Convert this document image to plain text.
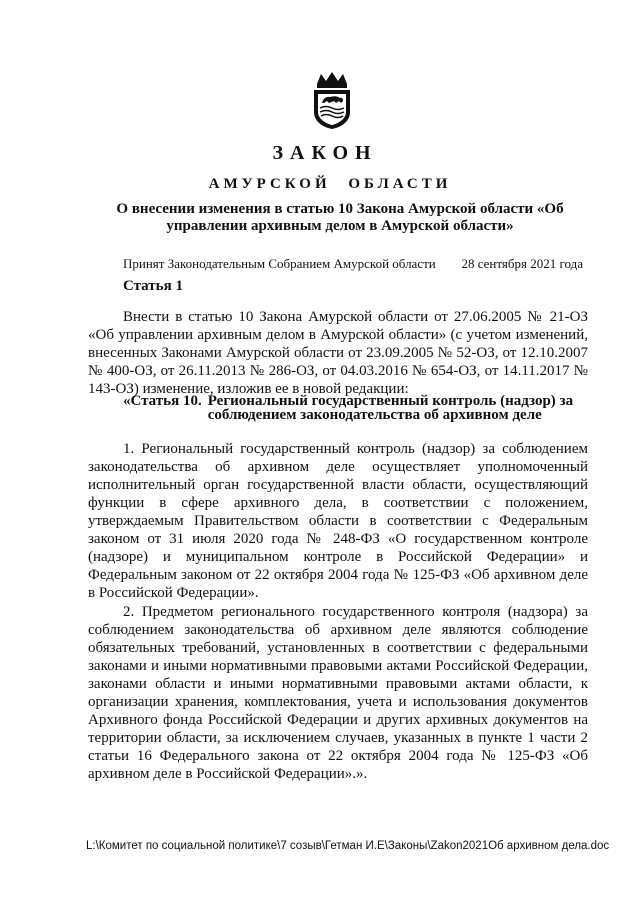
ЗАКОН
АМУРСКОЙ ОБЛАСТИ
О внесении изменения в статью 10 Закона Амурской области «Об управлении архивным делом в Амурской области»
Принят Законодательным Собранием Амурской области 28 сентября 2021 года
Статья 1

Внести в статью 10 Закона Амурской области от 27.06.2005 № 21-ОЗ «Об управлении архивным делом в Амурской области» (с учетом изменений, внесенных Законами Амурской области от 23.09.2005 № 52-ОЗ, от 12.10.2007 № 400-ОЗ, от 26.11.2013 № 286-ОЗ, от 04.03.2016 № 654-ОЗ, от 14.11.2017 № 143-ОЗ) изменение, изложив ее в новой редакции:

«Статья 10. Региональный государственный контроль (надзор) за соблюдением законодательства об архивном деле

1. Региональный государственный контроль (надзор) за соблюдением законодательства об архивном деле осуществляет уполномоченный исполнительный орган государственной власти области, осуществляющий функции в сфере архивного дела, в соответствии с положением, утверждаемым Правительством области в соответствии с Федеральным законом от 31 июля 2020 года № 248-ФЗ «О государственном контроле (надзоре) и муниципальном контроле в Российской Федерации» и Федеральным законом от 22 октября 2004 года № 125-ФЗ «Об архивном деле в Российской Федерации».

2. Предметом регионального государственного контроля (надзора) за соблюдением законодательства об архивном деле являются соблюдение обязательных требований, установленных в соответствии с федеральными законами и иными нормативными правовыми актами Российской Федерации, законами области и иными нормативными правовыми актами области, к организации хранения, комплектования, учета и использования документов Архивного фонда Российской Федерации и других архивных документов на территории области, за исключением случаев, указанных в пункте 1 части 2 статьи 16 Федерального закона от 22 октября 2004 года № 125-ФЗ «Об архивном деле в Российской Федерации».».

L:\Комитет по социальной политике\7 созыв\Гетман И.Е\Законы\Zakon2021Об архивном дела.doc
